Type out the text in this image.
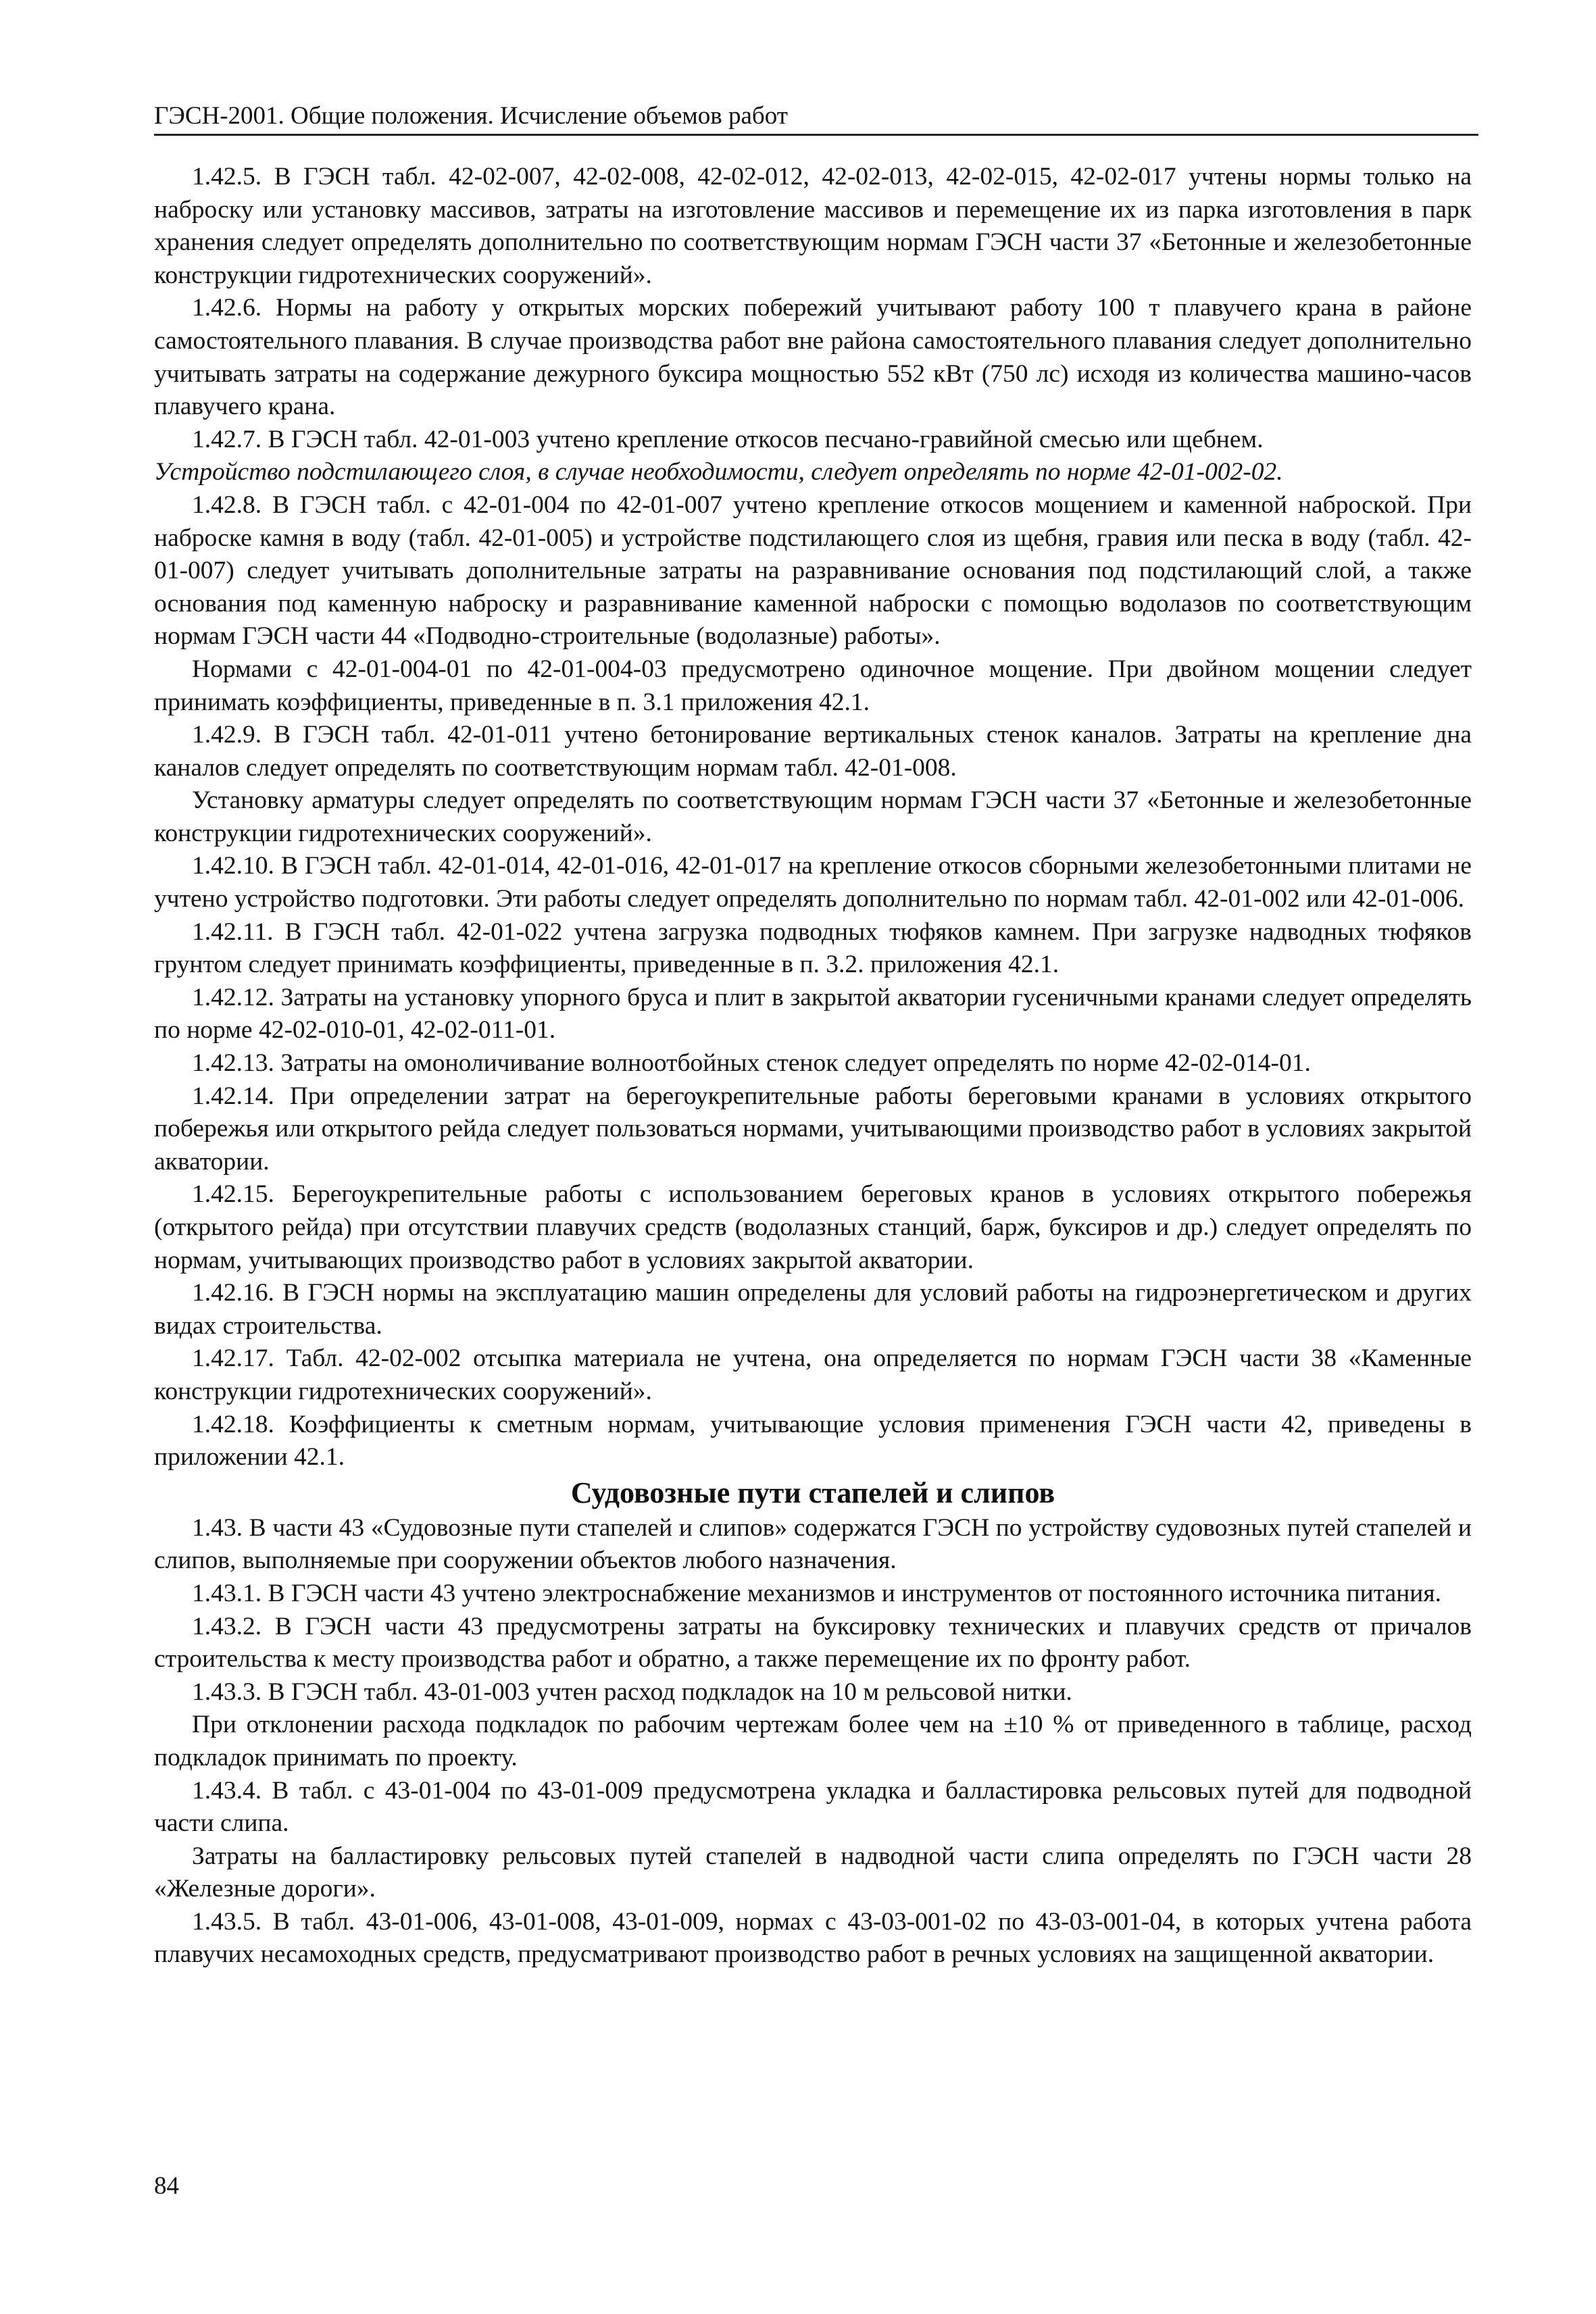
ГЭСН-2001. Общие положения. Исчисление объемов работ

1.42.5. В ГЭСН табл. 42-02-007, 42-02-008, 42-02-012, 42-02-013, 42-02-015, 42-02-017 учтены нормы только на наброску или установку массивов, затраты на изготовление массивов и перемещение их из парка изготовления в парк хранения следует определять дополнительно по соответствующим нормам ГЭСН части 37 «Бетонные и железобетонные конструкции гидротехнических сооружений».

1.42.6. Нормы на работу у открытых морских побережий учитывают работу 100 т плавучего крана в районе самостоятельного плавания. В случае производства работ вне района самостоятельного плавания следует дополнительно учитывать затраты на содержание дежурного буксира мощностью 552 кВт (750 лс) исходя из количества машино-часов плавучего крана.

1.42.7. В ГЭСН табл. 42-01-003 учтено крепление откосов песчано-гравийной смесью или щебнем.

Устройство подстилающего слоя, в случае необходимости, следует определять по норме 42-01-002-02.

1.42.8. В ГЭСН табл. с 42-01-004 по 42-01-007 учтено крепление откосов мощением и каменной наброской. При наброске камня в воду (табл. 42-01-005) и устройстве подстилающего слоя из щебня, гравия или песка в воду (табл. 42-01-007) следует учитывать дополнительные затраты на разравнивание основания под подстилающий слой, а также основания под каменную наброску и разравнивание каменной наброски с помощью водолазов по соответствующим нормам ГЭСН части 44 «Подводно-строительные (водолазные) работы».

Нормами с 42-01-004-01 по 42-01-004-03 предусмотрено одиночное мощение. При двойном мощении следует принимать коэффициенты, приведенные в п. 3.1 приложения 42.1.

1.42.9. В ГЭСН табл. 42-01-011 учтено бетонирование вертикальных стенок каналов. Затраты на крепление дна каналов следует определять по соответствующим нормам табл. 42-01-008.

Установку арматуры следует определять по соответствующим нормам ГЭСН части 37 «Бетонные и железобетонные конструкции гидротехнических сооружений».

1.42.10. В ГЭСН табл. 42-01-014, 42-01-016, 42-01-017 на крепление откосов сборными железобетонными плитами не учтено устройство подготовки. Эти работы следует определять дополнительно по нормам табл. 42-01-002 или 42-01-006.

1.42.11. В ГЭСН табл. 42-01-022 учтена загрузка подводных тюфяков камнем. При загрузке надводных тюфяков грунтом следует принимать коэффициенты, приведенные в п. 3.2. приложения 42.1.

1.42.12. Затраты на установку упорного бруса и плит в закрытой акватории гусеничными кранами следует определять по норме 42-02-010-01, 42-02-011-01.

1.42.13. Затраты на омоноличивание волноотбойных стенок следует определять по норме 42-02-014-01.

1.42.14. При определении затрат на берегоукрепительные работы береговыми кранами в условиях открытого побережья или открытого рейда следует пользоваться нормами, учитывающими производство работ в условиях закрытой акватории.

1.42.15. Берегоукрепительные работы с использованием береговых кранов в условиях открытого побережья (открытого рейда) при отсутствии плавучих средств (водолазных станций, барж, буксиров и др.) следует определять по нормам, учитывающих производство работ в условиях закрытой акватории.

1.42.16. В ГЭСН нормы на эксплуатацию машин определены для условий работы на гидроэнергетическом и других видах строительства.

1.42.17. Табл. 42-02-002 отсыпка материала не учтена, она определяется по нормам ГЭСН части 38 «Каменные конструкции гидротехнических сооружений».

1.42.18. Коэффициенты к сметным нормам, учитывающие условия применения ГЭСН части 42, приведены в приложении 42.1.

Судовозные пути стапелей и слипов

1.43. В части 43 «Судовозные пути стапелей и слипов» содержатся ГЭСН по устройству судовозных путей стапелей и слипов, выполняемые при сооружении объектов любого назначения.

1.43.1. В ГЭСН части 43 учтено электроснабжение механизмов и инструментов от постоянного источника питания.

1.43.2. В ГЭСН части 43 предусмотрены затраты на буксировку технических и плавучих средств от причалов строительства к месту производства работ и обратно, а также перемещение их по фронту работ.

1.43.3. В ГЭСН табл. 43-01-003 учтен расход подкладок на 10 м рельсовой нитки.

При отклонении расхода подкладок по рабочим чертежам более чем на ±10 % от приведенного в таблице, расход подкладок принимать по проекту.

1.43.4. В табл. с 43-01-004 по 43-01-009 предусмотрена укладка и балластировка рельсовых путей для подводной части слипа.

Затраты на балластировку рельсовых путей стапелей в надводной части слипа определять по ГЭСН части 28 «Железные дороги».

1.43.5. В табл. 43-01-006, 43-01-008, 43-01-009, нормах с 43-03-001-02 по 43-03-001-04, в которых учтена работа плавучих несамоходных средств, предусматривают производство работ в речных условиях на защищенной акватории.

84
